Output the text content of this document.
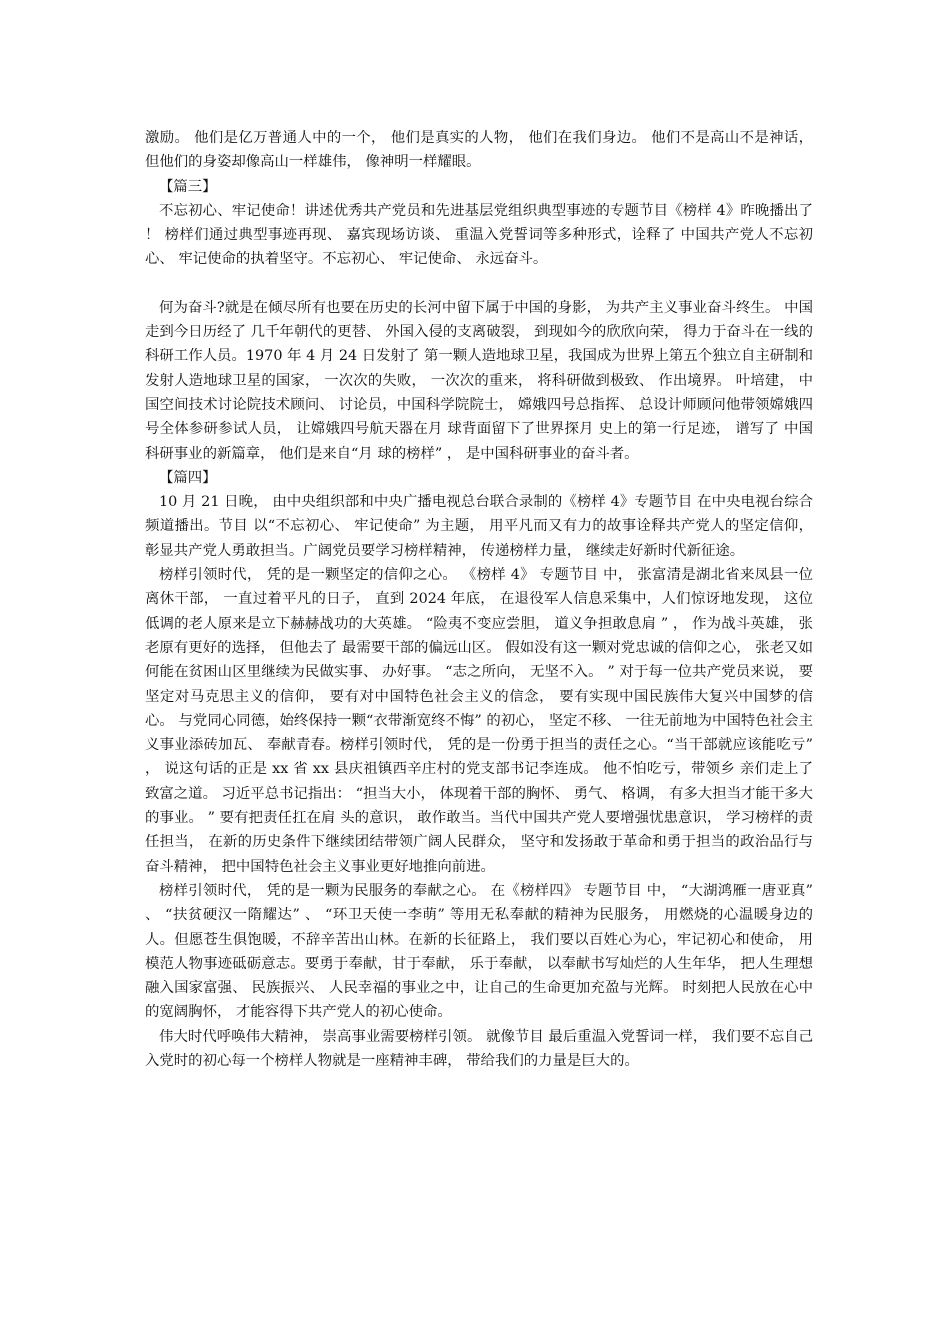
激励。 他们是亿万普通人中的一个， 他们是真实的人物， 他们在我们身边。 他们不是高山不是神话， 但他们的身姿却像高山一样雄伟， 像神明一样耀眼。

【篇三】

不忘初心、牢记使命！讲述优秀共产党员和先进基层党组织典型事迹的专题节目《榜样 4》昨晚播出了 ！ 榜样们通过典型事迹再现、 嘉宾现场访谈、 重温入党誓词等多种形式，诠释了 中国共产党人不忘初心、 牢记使命的执着坚守。不忘初心、 牢记使命、 永远奋斗。

何为奋斗?就是在倾尽所有也要在历史的长河中留下属于中国的身影， 为共产主义事业奋斗终生。 中国走到今日历经了 几千年朝代的更替、 外国入侵的支离破裂， 到现如今的欣欣向荣， 得力于奋斗在一线的科研工作人员。1970 年 4 月 24 日发射了 第一颗人造地球卫星，我国成为世界上第五个独立自主研制和发射人造地球卫星的国家， 一次次的失败， 一次次的重来， 将科研做到极致、 作出境界。 叶培建， 中国空间技术讨论院技术顾问、 讨论员，中国科学院院士， 嫦娥四号总指挥、 总设计师顾问他带领嫦娥四号全体参研参试人员， 让嫦娥四号航天器在月 球背面留下了世界探月 史上的第一行足迹， 谱写了 中国科研事业的新篇章， 他们是来自“月 球的榜样” ， 是中国科研事业的奋斗者。

【篇四】

10 月 21 日晚， 由中央组织部和中央广播电视总台联合录制的《榜样 4》专题节目 在中央电视台综合频道播出。节目 以“不忘初心、 牢记使命” 为主题， 用平凡而又有力的故事诠释共产党人的坚定信仰， 彰显共产党人勇敢担当。广阔党员要学习榜样精神， 传递榜样力量， 继续走好新时代新征途。

榜样引领时代， 凭的是一颗坚定的信仰之心。 《榜样 4》 专题节目 中， 张富清是湖北省来凤县一位离休干部， 一直过着平凡的日子， 直到 2024 年底， 在退役军人信息采集中，人们惊讶地发现， 这位低调的老人原来是立下赫赫战功的大英雄。 “险夷不变应尝胆， 道义争担敢息肩 ” ， 作为战斗英雄， 张老原有更好的选择， 但他去了 最需要干部的偏远山区。 假如没有这一颗对党忠诚的信仰之心， 张老又如何能在贫困山区里继续为民做实事、 办好事。 “志之所向， 无坚不入。 ” 对于每一位共产党员来说， 要坚定对马克思主义的信仰， 要有对中国特色社会主义的信念， 要有实现中国民族伟大复兴中国梦的信心。 与党同心同德，始终保持一颗“衣带渐宽终不悔” 的初心， 坚定不移、 一往无前地为中国特色社会主义事业添砖加瓦、 奉献青春。榜样引领时代， 凭的是一份勇于担当的责任之心。“当干部就应该能吃亏” ， 说这句话的正是 xx 省 xx 县庆祖镇西辛庄村的党支部书记李连成。 他不怕吃亏，带领乡 亲们走上了 致富之道。 习近平总书记指出： “担当大小， 体现着干部的胸怀、 勇气、 格调， 有多大担当才能干多大的事业。 ” 要有把责任扛在肩 头的意识， 敢作敢当。当代中国共产党人要增强忧患意识， 学习榜样的责任担当， 在新的历史条件下继续团结带领广阔人民群众， 坚守和发扬敢于革命和勇于担当的政治品行与奋斗精神， 把中国特色社会主义事业更好地推向前进。

榜样引领时代， 凭的是一颗为民服务的奉献之心。 在《榜样四》 专题节目 中， “大湖鸿雁一唐亚真” 、 “扶贫硬汉一隋耀达” 、 “环卫天使一李萌” 等用无私奉献的精神为民服务， 用燃烧的心温暖身边的人。但愿苍生俱饱暖，不辞辛苦出山林。在新的长征路上， 我们要以百姓心为心，牢记初心和使命， 用模范人物事迹砥砺意志。要勇于奉献，甘于奉献， 乐于奉献， 以奉献书写灿烂的人生年华， 把人生理想融入国家富强、 民族振兴、 人民幸福的事业之中，让自己的生命更加充盈与光辉。 时刻把人民放在心中的宽阔胸怀， 才能容得下共产党人的初心使命。

伟大时代呼唤伟大精神， 崇高事业需要榜样引领。 就像节目 最后重温入党誓词一样， 我们要不忘自己入党时的初心每一个榜样人物就是一座精神丰碑， 带给我们的力量是巨大的。
